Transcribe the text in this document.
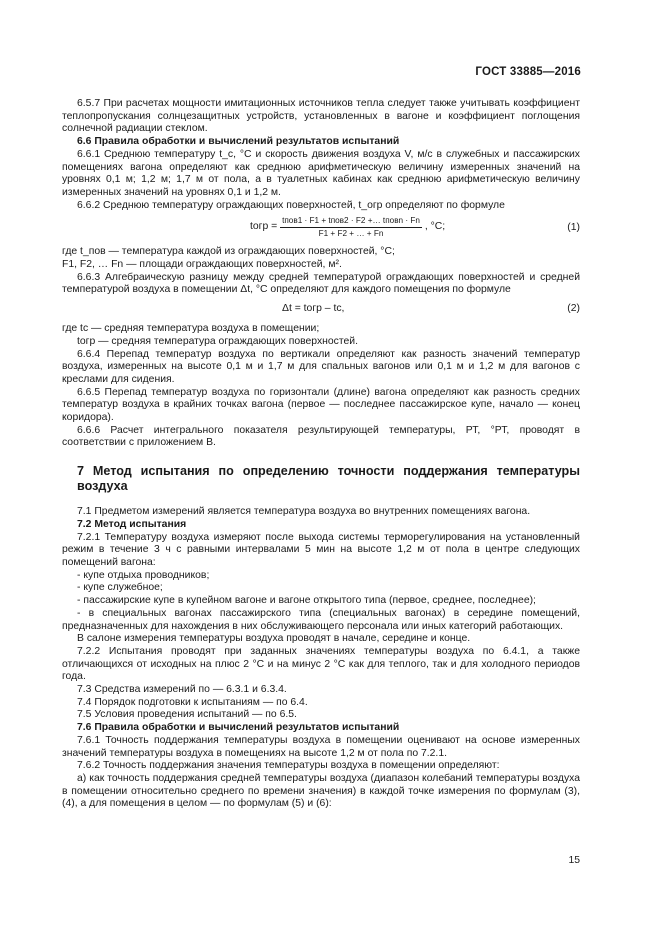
ГОСТ 33885—2016

6.5.7 При расчетах мощности имитационных источников тепла следует также учитывать коэффициент теплопропускания солнцезащитных устройств, установленных в вагоне и коэффициент поглощения солнечной радиации стеклом.

6.6 Правила обработки и вычислений результатов испытаний

6.6.1 Среднюю температуру t_с, °С и скорость движения воздуха V, м/с в служебных и пассажирских помещениях вагона определяют как среднюю арифметическую величину измеренных значений на уровнях 0,1 м; 1,2 м; 1,7 м от пола, а в туалетных кабинах как среднюю арифметическую величину измеренных значений на уровнях 0,1 и 1,2 м.

6.6.2 Среднюю температуру ограждающих поверхностей, t_огр определяют по формуле

tогр = $\frac{\text{tпов1 · F1 + tпов2 · F2 +… tповn · Fn}}{F1 + F2 + \dots + Fn}$ , °С;	(1)

где t_пов — температура каждой из ограждающих поверхностей, °С;

F1, F2, … Fn — площади ограждающих поверхностей, м².

6.6.3 Алгебраическую разницу между средней температурой ограждающих поверхностей и средней температурой воздуха в помещении Δt, °С определяют для каждого помещения по формуле

Δt = tогр – tс,	(2)

где tс — средняя температура воздуха в помещении;

tогр — средняя температура ограждающих поверхностей.

6.6.4 Перепад температур воздуха по вертикали определяют как разность значений температур воздуха, измеренных на высоте 0,1 м и 1,7 м для спальных вагонов или 0,1 м и 1,2 м для вагонов с креслами для сидения.

6.6.5 Перепад температур воздуха по горизонтали (длине) вагона определяют как разность средних температур воздуха в крайних точках вагона (первое — последнее пассажирское купе, начало — конец коридора).

6.6.6 Расчет интегрального показателя результирующей температуры, РТ, °РТ, проводят в соответствии с приложением В.

7 Метод испытания по определению точности поддержания температуры воздуха

7.1 Предметом измерений является температура воздуха во внутренних помещениях вагона.

7.2 Метод испытания

7.2.1 Температуру воздуха измеряют после выхода системы терморегулирования на установленный режим в течение 3 ч с равными интервалами 5 мин на высоте 1,2 м от пола в центре следующих помещений вагона:

- купе отдыха проводников;

- купе служебное;

- пассажирские купе в купейном вагоне и вагоне открытого типа (первое, среднее, последнее);

- в специальных вагонах пассажирского типа (специальных вагонах) в середине помещений, предназначенных для нахождения в них обслуживающего персонала или иных категорий работающих.

В салоне измерения температуры воздуха проводят в начале, середине и конце.

7.2.2 Испытания проводят при заданных значениях температуры воздуха по 6.4.1, а также отличающихся от исходных на плюс 2 °С и на минус 2 °С как для теплого, так и для холодного периодов года.

7.3 Средства измерений по — 6.3.1 и 6.3.4.

7.4 Порядок подготовки к испытаниям — по 6.4.

7.5 Условия проведения испытаний — по 6.5.

7.6 Правила обработки и вычислений результатов испытаний

7.6.1 Точность поддержания температуры воздуха в помещении оценивают на основе измеренных значений температуры воздуха в помещениях на высоте 1,2 м от пола по 7.2.1.

7.6.2 Точность поддержания значения температуры воздуха в помещении определяют:

а) как точность поддержания средней температуры воздуха (диапазон колебаний температуры воздуха в помещении относительно среднего по времени значения) в каждой точке измерения по формулам (3), (4), а для помещения в целом — по формулам (5) и (6):

15
